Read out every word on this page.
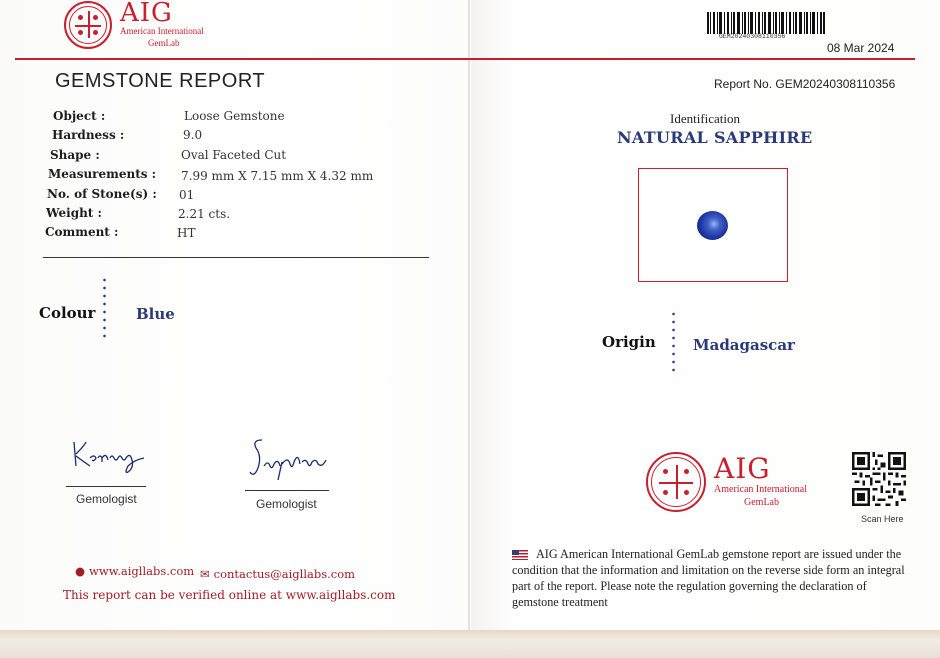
AIG
American International
GemLab
GEM20240308110356
08 Mar 2024
GEMSTONE REPORT	Report No. GEM20240308110356
Object :	Loose Gemstone
Hardness :	9.0
Shape :	Oval Faceted Cut
Measurements : 7.99 mm X 7.15 mm X 4.32 mm
No. of Stone(s) : 01
Weight :	2.21 cts.
Comment :	HT
Colour	Blue
Identification
NATURAL SAPPHIRE
Origin Madagascar
Gemologist	Gemologist
● www.aigllabs.com ✉ contactus@aigllabs.com
This report can be verified online at www.aigllabs.com
AIG
American International
GemLab
Scan Here
AIG American International GemLab gemstone report are issued under the condition that the information and limitation on the reverse side form an integral part of the report. Please note the regulation governing the declaration of gemstone treatment
